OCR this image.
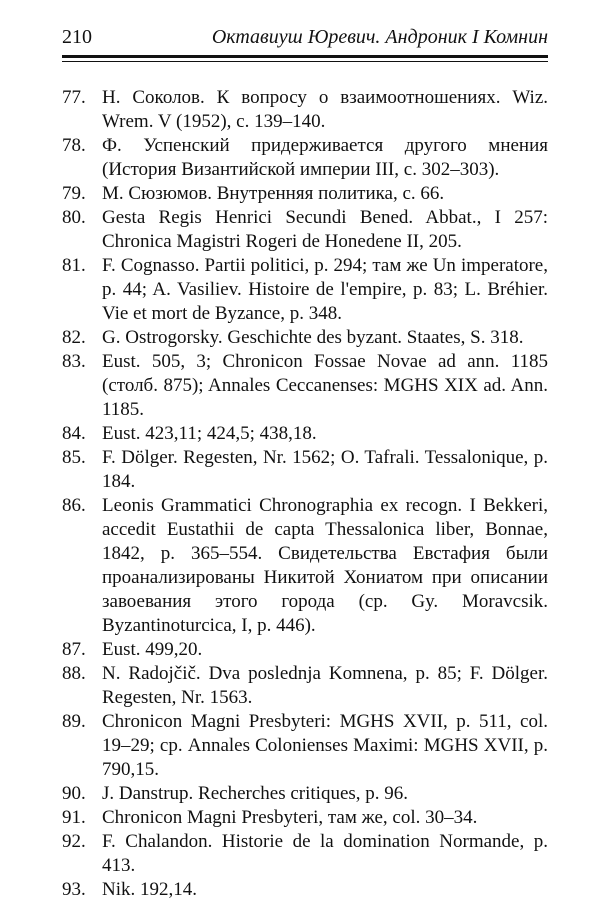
210	Октавиуш Юревич. Андроник I Комнин
77. Н. Соколов. К вопросу о взаимоотношениях. Wiz. Wrem. V (1952), с. 139–140.
78. Ф. Успенский придерживается другого мнения (История Византийской империи III, с. 302–303).
79. М. Сюзюмов. Внутренняя политика, с. 66.
80. Gesta Regis Henrici Secundi Bened. Abbat., I 257: Chronica Magistri Rogeri de Honedene II, 205.
81. F. Cognasso. Partii politici, p. 294; там же Un imperatore, p. 44; A. Vasiliev. Histoire de l'empire, p. 83; L. Bréhier. Vie et mort de Byzance, p. 348.
82. G. Ostrogorsky. Geschichte des byzant. Staates, S. 318.
83. Eust. 505, 3; Chronicon Fossae Novae ad ann. 1185 (столб. 875); Annales Ceccanenses: MGHS XIX ad. Ann. 1185.
84. Eust. 423,11; 424,5; 438,18.
85. F. Dölger. Regesten, Nr. 1562; O. Tafrali. Tessalonique, p. 184.
86. Leonis Grammatici Chronographia ex recogn. I Bekkeri, accedit Eustathii de capta Thessalonica liber, Bonnae, 1842, p. 365–554. Свидетельства Евстафия были проанализированы Никитой Хониатом при описании завоевания этого города (ср. Gy. Moravcsik. Byzantinoturcica, I, p. 446).
87. Eust. 499,20.
88. N. Radojčič. Dva poslednja Komnena, p. 85; F. Dölger. Regesten, Nr. 1563.
89. Chronicon Magni Presbyteri: MGHS XVII, p. 511, col. 19–29; ср. Annales Colonienses Maximi: MGHS XVII, p. 790,15.
90. J. Danstrup. Recherches critiques, p. 96.
91. Chronicon Magni Presbyteri, там же, col. 30–34.
92. F. Chalandon. Historie de la domination Normande, p. 413.
93. Nik. 192,14.
